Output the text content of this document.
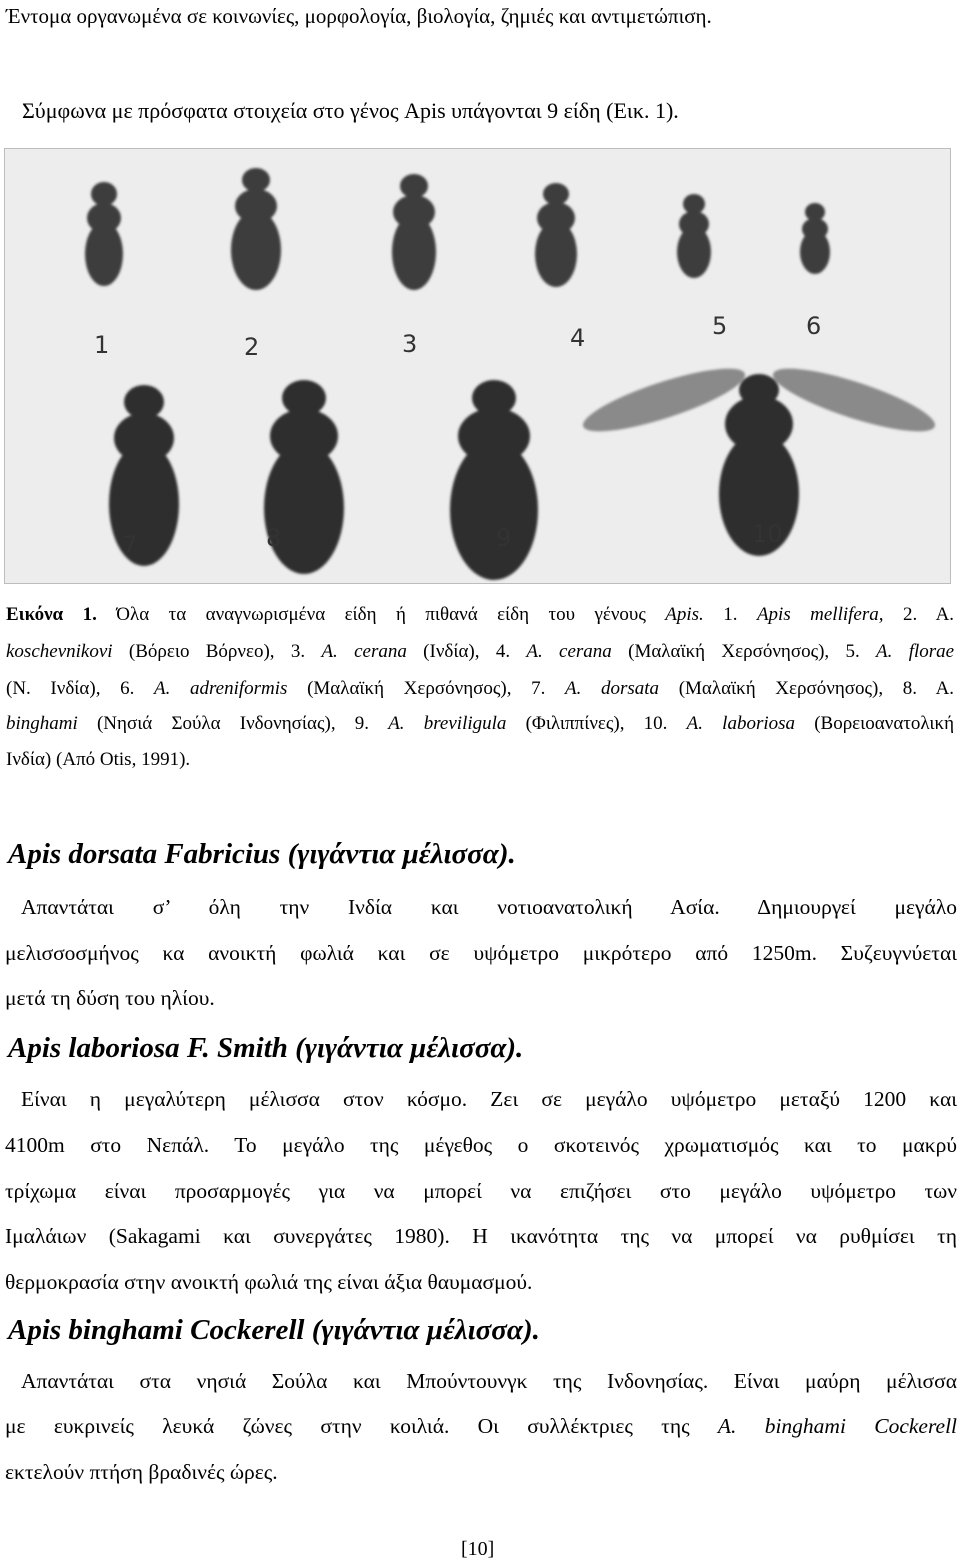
Έντομα οργανωμένα σε κοινωνίες, μορφολογία, βιολογία, ζημιές και αντιμετώπιση.
Σύμφωνα με πρόσφατα στοιχεία στο γένος Apis υπάγονται 9 είδη (Εικ. 1).
1	2	3	4	5	6
7	8	9	10
Εικόνα 1. Όλα τα αναγνωρισμένα είδη ή πιθανά είδη του γένους Apis. 1. Apis mellifera, 2. A.
koschevnikovi (Βόρειο Βόρνεο), 3. A. cerana (Ινδία), 4. A. cerana (Μαλαϊκή Χερσόνησος), 5. A. florae
(Ν. Ινδία), 6. A. adreniformis (Μαλαϊκή Χερσόνησος), 7. A. dorsata (Μαλαϊκή Χερσόνησος), 8. A.
binghami (Νησιά Σούλα Ινδονησίας), 9. A. breviligula (Φιλιππίνες), 10. A. laboriosa (Βορειοανατολική
Ινδία) (Από Otis, 1991).
Apis dorsata Fabricius (γιγάντια μέλισσα).
Απαντάται σ’ όλη την Ινδία και νοτιοανατολική Ασία. Δημιουργεί μεγάλο
μελισσοσμήνος κα ανοικτή φωλιά και σε υψόμετρο μικρότερο από 1250m. Συζευγνύεται
μετά τη δύση του ηλίου.
Apis laboriosa F. Smith (γιγάντια μέλισσα).
Είναι η μεγαλύτερη μέλισσα στον κόσμο. Ζει σε μεγάλο υψόμετρο μεταξύ 1200 και
4100m στο Νεπάλ. Το μεγάλο της μέγεθος ο σκοτεινός χρωματισμός και το μακρύ
τρίχωμα είναι προσαρμογές για να μπορεί να επιζήσει στο μεγάλο υψόμετρο των
Ιμαλάιων (Sakagami και συνεργάτες 1980). Η ικανότητα της να μπορεί να ρυθμίσει τη
θερμοκρασία στην ανοικτή φωλιά της είναι άξια θαυμασμού.
Apis binghami Cockerell (γιγάντια μέλισσα).
Απαντάται στα νησιά Σούλα και Μπούντουνγκ της Ινδονησίας. Είναι μαύρη μέλισσα
με ευκρινείς λευκά ζώνες στην κοιλιά. Οι συλλέκτριες της A. binghami Cockerell
εκτελούν πτήση βραδινές ώρες.
[10]
